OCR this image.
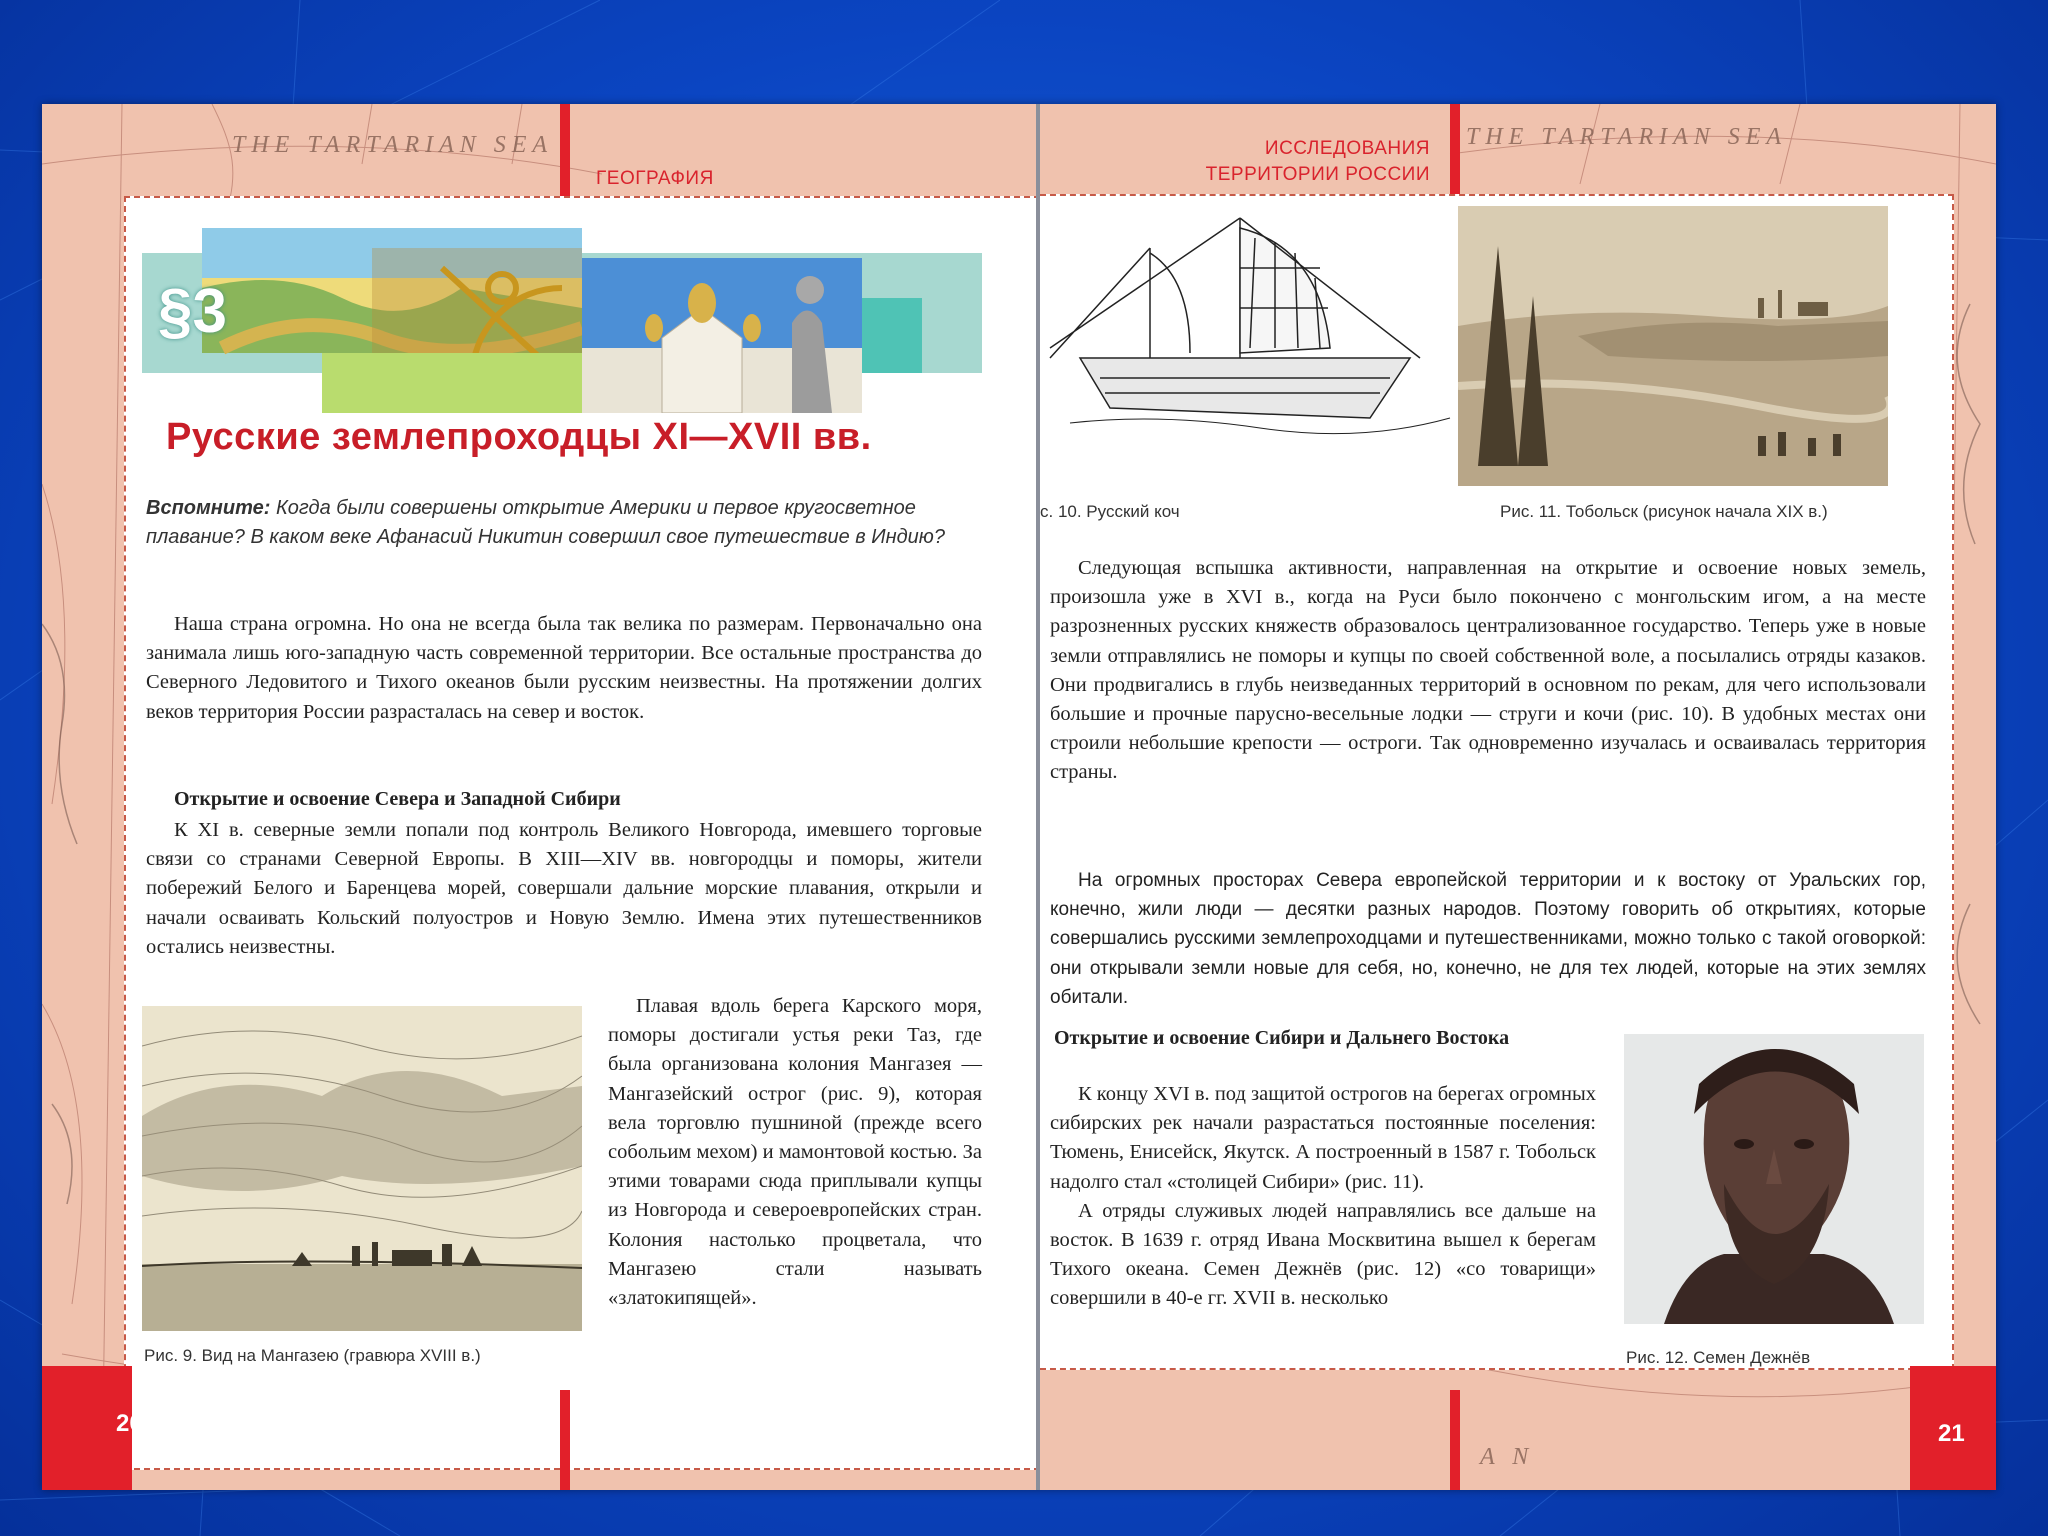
THE TARTARIAN SEA
ГЕОГРАФИЯ
§3
Русские землепроходцы XI—XVII вв.
Вспомните: Когда были совершены открытие Америки и первое кругосветное плавание? В каком веке Афанасий Никитин совершил свое путешествие в Индию?

Наша страна огромна. Но она не всегда была так велика по размерам. Первоначально она занимала лишь юго-западную часть современной территории. Все остальные пространства до Северного Ледовитого и Тихого океанов были русским неизвестны. На протяжении долгих веков территория России разрасталась на север и восток.

Открытие и освоение Севера и Западной Сибири

К XI в. северные земли попали под контроль Великого Новгорода, имевшего торговые связи со странами Северной Европы. В XIII—XIV вв. новгородцы и поморы, жители побережий Белого и Баренцева морей, совершали дальние морские плавания, открыли и начали осваивать Кольский полуостров и Новую Землю. Имена этих путешественников остались неизвестны.

Рис. 9. Вид на Мангазею (гравюра XVIII в.)

Плавая вдоль берега Карского моря, поморы достигали устья реки Таз, где была организована колония Мангазея — Мангазейский острог (рис. 9), которая вела торговлю пушниной (прежде всего собольим мехом) и мамонтовой костью. За этими товарами сюда приплывали купцы из Новгорода и североевропейских стран. Колония настолько процветала, что Мангазею стали называть «златокипящей».

20
THE TARTARIAN SEA
A N
ИССЛЕДОВАНИЯ
ТЕРРИТОРИИ РОССИИ
с. 10. Русский коч	Рис. 11. Тобольск (рисунок начала XIX в.)

Следующая вспышка активности, направленная на открытие и освоение новых земель, произошла уже в XVI в., когда на Руси было покончено с монгольским игом, а на месте разрозненных русских княжеств образовалось централизованное государство. Теперь уже в новые земли отправлялись не поморы и купцы по своей собственной воле, а посылались отряды казаков. Они продвигались в глубь неизведанных территорий в основном по рекам, для чего использовали большие и прочные парусно-весельные лодки — струги и кочи (рис. 10). В удобных местах они строили небольшие крепости — остроги. Так одновременно изучалась и осваивалась территория страны.

На огромных просторах Севера европейской территории и к востоку от Уральских гор, конечно, жили люди — десятки разных народов. Поэтому говорить об открытиях, которые совершались русскими землепроходцами и путешественниками, можно только с такой оговоркой: они открывали земли новые для себя, но, конечно, не для тех людей, которые на этих землях обитали.

Открытие и освоение Сибири и Дальнего Востока

К концу XVI в. под защитой острогов на берегах огромных сибирских рек начали разрастаться постоянные поселения: Тюмень, Енисейск, Якутск. А построенный в 1587 г. Тобольск надолго стал «столицей Сибири» (рис. 11).

А отряды служивых людей направлялись все дальше на восток. В 1639 г. отряд Ивана Москвитина вышел к берегам Тихого океана. Семен Дежнёв (рис. 12) «со товарищи» совершили в 40-е гг. XVII в. несколько

Рис. 12. Семен Дежнёв
21
